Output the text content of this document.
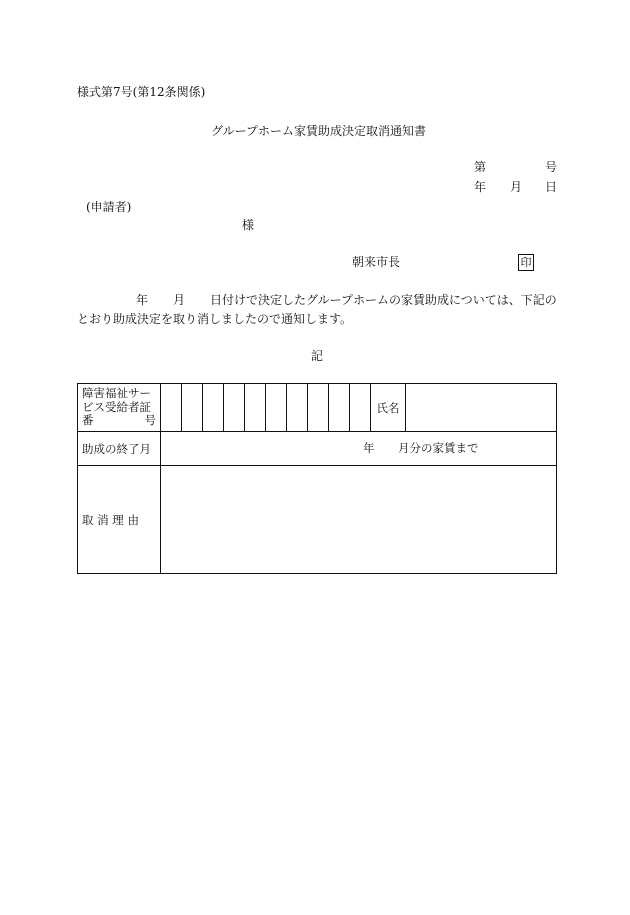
様式第7号(第12条関係)
グループホーム家賃助成決定取消通知書
第	号
年 月 日
(申請者)
様
朝来市長	印
年 月 日付けで決定したグループホームの家賃助成については、下記の
とおり助成決定を取り消しましたので通知します。
記
障害福祉サー
ビス受給者証
番 号											氏名	
助成の終了月	年 月分の家賃まで											

取 消 理 由												
